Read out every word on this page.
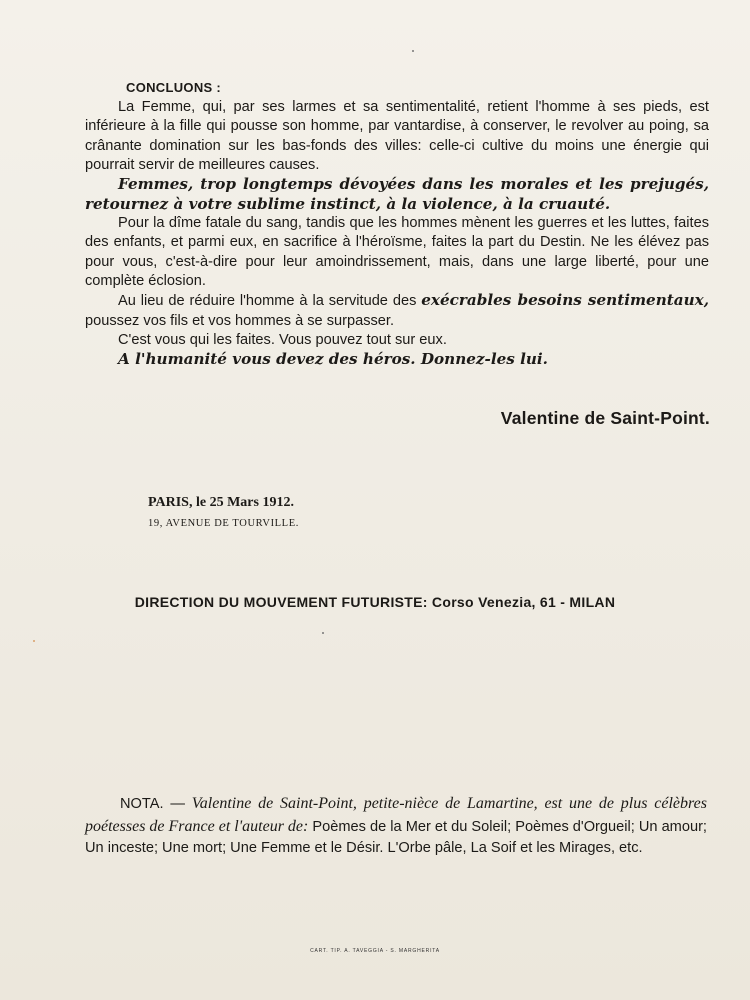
CONCLUONS :

La Femme, qui, par ses larmes et sa sentimentalité, retient l'homme à ses pieds, est inférieure à la fille qui pousse son homme, par vantardise, à conserver, le revolver au poing, sa crânante domination sur les bas-fonds des villes: celle-ci cultive du moins une énergie qui pourrait servir de meilleures causes.

Femmes, trop longtemps dévoyées dans les morales et les prejugés, retournez à votre sublime instinct, à la violence, à la cruauté.

Pour la dîme fatale du sang, tandis que les hommes mènent les guerres et les luttes, faites des enfants, et parmi eux, en sacrifice à l'héroïsme, faites la part du Destin. Ne les élévez pas pour vous, c'est-à-dire pour leur amoindrissement, mais, dans une large liberté, pour une complète éclosion.

Au lieu de réduire l'homme à la servitude des exécrables besoins sentimentaux, poussez vos fils et vos hommes à se surpasser.

C'est vous qui les faites. Vous pouvez tout sur eux.

A l'humanité vous devez des héros. Donnez-les lui.

Valentine de Saint-Point.
PARIS, le 25 Mars 1912.
19, AVENUE DE TOURVILLE.
DIRECTION DU MOUVEMENT FUTURISTE: Corso Venezia, 61 - MILAN

NOTA. — Valentine de Saint-Point, petite-nièce de Lamartine, est une de plus célèbres poétesses de France et l'auteur de: Poèmes de la Mer et du Soleil; Poèmes d'Orgueil; Un amour; Un inceste; Une mort; Une Femme et le Désir. L'Orbe pâle, La Soif et les Mirages, etc.

CART. TIP. A. TAVEGGIA - S. MARGHERITA
